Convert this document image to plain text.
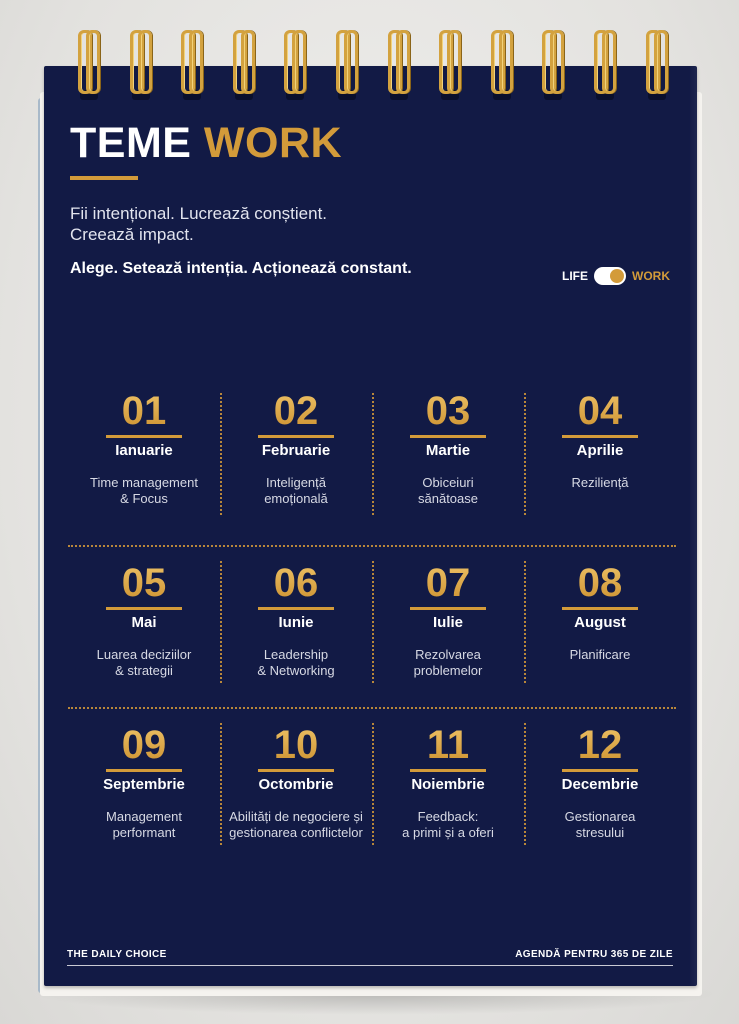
TEME WORK
Fii intențional. Lucrează conștient.
Creează impact.
Alege. Setează intenția. Acționează constant.	LIFE	WORK
01
Ianuarie
Time management
& Focus
02
Februarie
Inteligență
emoțională
03
Martie
Obiceiuri
sănătoase
04
Aprilie
Reziliență
05
Mai
Luarea deciziilor
& strategii
06
Iunie
Leadership
& Networking
07
Iulie
Rezolvarea
problemelor
08
August
Planificare
09
Septembrie
Management
performant
10
Octombrie
Abilități de negociere și
gestionarea conflictelor
11
Noiembrie
Feedback:
a primi și a oferi
12
Decembrie
Gestionarea
stresului
THE DAILY CHOICE	AGENDĂ PENTRU 365 DE ZILE
